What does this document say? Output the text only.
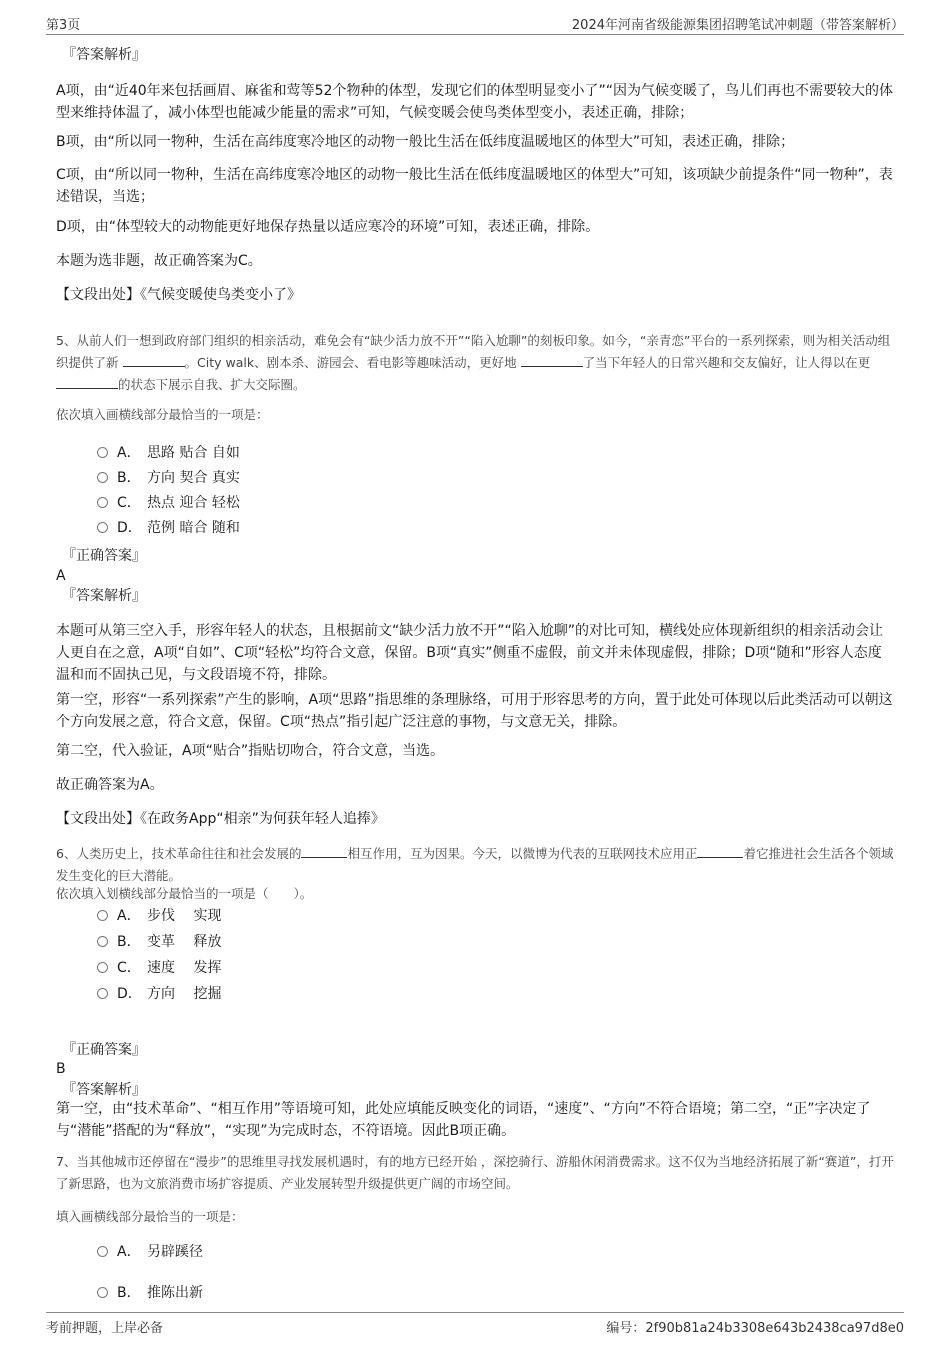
第3页	2024年河南省级能源集团招聘笔试冲刺题（带答案解析）
『答案解析』

A项，由“近40年来包括画眉、麻雀和莺等52个物种的体型，发现它们的体型明显变小了”“因为气候变暖了，鸟儿们再也不需要较大的体型来维持体温了，减小体型也能减少能量的需求”可知，气候变暖会使鸟类体型变小，表述正确，排除；

B项，由“所以同一物种，生活在高纬度寒冷地区的动物一般比生活在低纬度温暖地区的体型大”可知，表述正确，排除；

C项，由“所以同一物种，生活在高纬度寒冷地区的动物一般比生活在低纬度温暖地区的体型大”可知，该项缺少前提条件“同一物种”，表述错误，当选；

D项，由“体型较大的动物能更好地保存热量以适应寒冷的环境”可知，表述正确，排除。

本题为选非题，故正确答案为C。

【文段出处】《气候变暖使鸟类变小了》

5、从前人们一想到政府部门组织的相亲活动，难免会有“缺少活力放不开”“陷入尬聊”的刻板印象。如今，“亲青恋”平台的一系列探索，则为相关活动组织提供了新	。City walk、剧本杀、游园会、看电影等趣味活动，更好地	了当下年轻人的日常兴趣和交友偏好，让人得以在更 的状态下展示自我、扩大交际圈。

依次填入画横线部分最恰当的一项是：

A． 思路 贴合 自如
B． 方向 契合 真实
C． 热点 迎合 轻松
D． 范例 暗合 随和
『正确答案』
A
『答案解析』

本题可从第三空入手，形容年轻人的状态，且根据前文“缺少活力放不开”“陷入尬聊”的对比可知，横线处应体现新组织的相亲活动会让人更自在之意，A项“自如”、C项“轻松”均符合文意，保留。B项“真实”侧重不虚假，前文并未体现虚假，排除；D项“随和”形容人态度温和而不固执己见，与文段语境不符，排除。

第一空，形容“一系列探索”产生的影响，A项“思路”指思维的条理脉络，可用于形容思考的方向，置于此处可体现以后此类活动可以朝这个方向发展之意，符合文意，保留。C项“热点”指引起广泛注意的事物，与文意无关，排除。

第二空，代入验证，A项“贴合”指贴切吻合，符合文意，当选。

故正确答案为A。

【文段出处】《在政务App“相亲”为何获年轻人追捧》

6、人类历史上，技术革命往往和社会发展的	相互作用，互为因果。今天，以微博为代表的互联网技术应用正	着它推进社会生活各个领域发生变化的巨大潜能。

依次填入划横线部分最恰当的一项是（　　）。

A． 步伐　 实现
B． 变革　 释放
C． 速度　 发挥
D． 方向　 挖掘
『正确答案』
B
『答案解析』

第一空，由“技术革命”、“相互作用”等语境可知，此处应填能反映变化的词语，“速度”、“方向”不符合语境；第二空，“正”字决定了与“潜能”搭配的为“释放”，“实现”为完成时态，不符语境。因此B项正确。

7、当其他城市还停留在“漫步”的思维里寻找发展机遇时，有的地方已经开始 ，深挖骑行、游船休闲消费需求。这不仅为当地经济拓展了新“赛道”，打开了新思路，也为文旅消费市场扩容提质、产业发展转型升级提供更广阔的市场空间。

填入画横线部分最恰当的一项是：

A． 另辟蹊径
B． 推陈出新
考前押题，上岸必备	编号：2f90b81a24b3308e643b2438ca97d8e0
